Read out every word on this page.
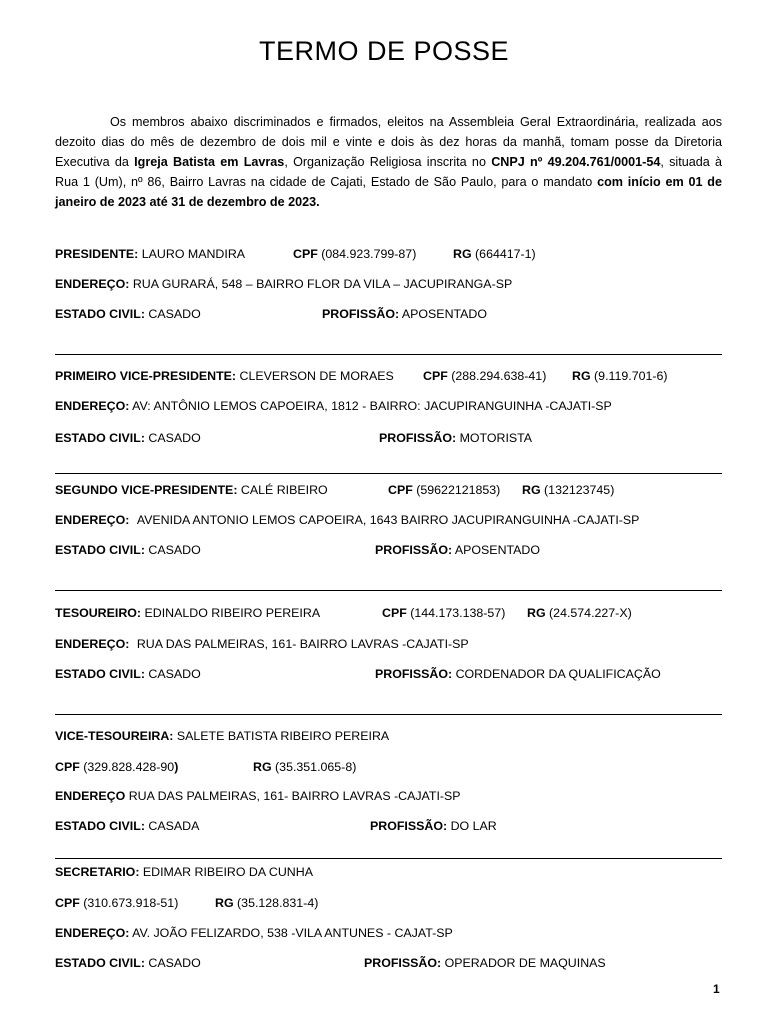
TERMO DE POSSE

Os membros abaixo discriminados e firmados, eleitos na Assembleia Geral Extraordinária, realizada aos dezoito dias do mês de dezembro de dois mil e vinte e dois às dez horas da manhã, tomam posse da Diretoria Executiva da Igreja Batista em Lavras, Organização Religiosa inscrita no CNPJ nº 49.204.761/0001-54, situada à Rua 1 (Um), nº 86, Bairro Lavras na cidade de Cajati, Estado de São Paulo, para o mandato com início em 01 de janeiro de 2023 até 31 de dezembro de 2023.

PRESIDENTE: LAURO MANDIRA	CPF (084.923.799-87)	RG (664417-1)
ENDEREÇO: RUA GURARÁ, 548 – BAIRRO FLOR DA VILA – JACUPIRANGA-SP
ESTADO CIVIL: CASADO	PROFISSÃO: APOSENTADO
PRIMEIRO VICE-PRESIDENTE: CLEVERSON DE MORAES CPF (288.294.638-41) RG (9.119.701-6)
ENDEREÇO: AV: ANTÔNIO LEMOS CAPOEIRA, 1812 - BAIRRO: JACUPIRANGUINHA -CAJATI-SP
ESTADO CIVIL: CASADO	PROFISSÃO: MOTORISTA
SEGUNDO VICE-PRESIDENTE: CALÉ RIBEIRO	CPF (59622121853) RG (132123745)
ENDEREÇO: AVENIDA ANTONIO LEMOS CAPOEIRA, 1643 BAIRRO JACUPIRANGUINHA -CAJATI-SP
ESTADO CIVIL: CASADO	PROFISSÃO: APOSENTADO
TESOUREIRO: EDINALDO RIBEIRO PEREIRA	CPF (144.173.138-57) RG (24.574.227-X)
ENDEREÇO: RUA DAS PALMEIRAS, 161- BAIRRO LAVRAS -CAJATI-SP
ESTADO CIVIL: CASADO	PROFISSÃO: CORDENADOR DA QUALIFICAÇÃO
VICE-TESOUREIRA: SALETE BATISTA RIBEIRO PEREIRA
CPF (329.828.428-90)	RG (35.351.065-8)
ENDEREÇO RUA DAS PALMEIRAS, 161- BAIRRO LAVRAS -CAJATI-SP
ESTADO CIVIL: CASADA	PROFISSÃO: DO LAR
SECRETARIO: EDIMAR RIBEIRO DA CUNHA
CPF (310.673.918-51)	RG (35.128.831-4)
ENDEREÇO: AV. JOÃO FELIZARDO, 538 -VILA ANTUNES - CAJAT-SP
ESTADO CIVIL: CASADO	PROFISSÃO: OPERADOR DE MAQUINAS
1
